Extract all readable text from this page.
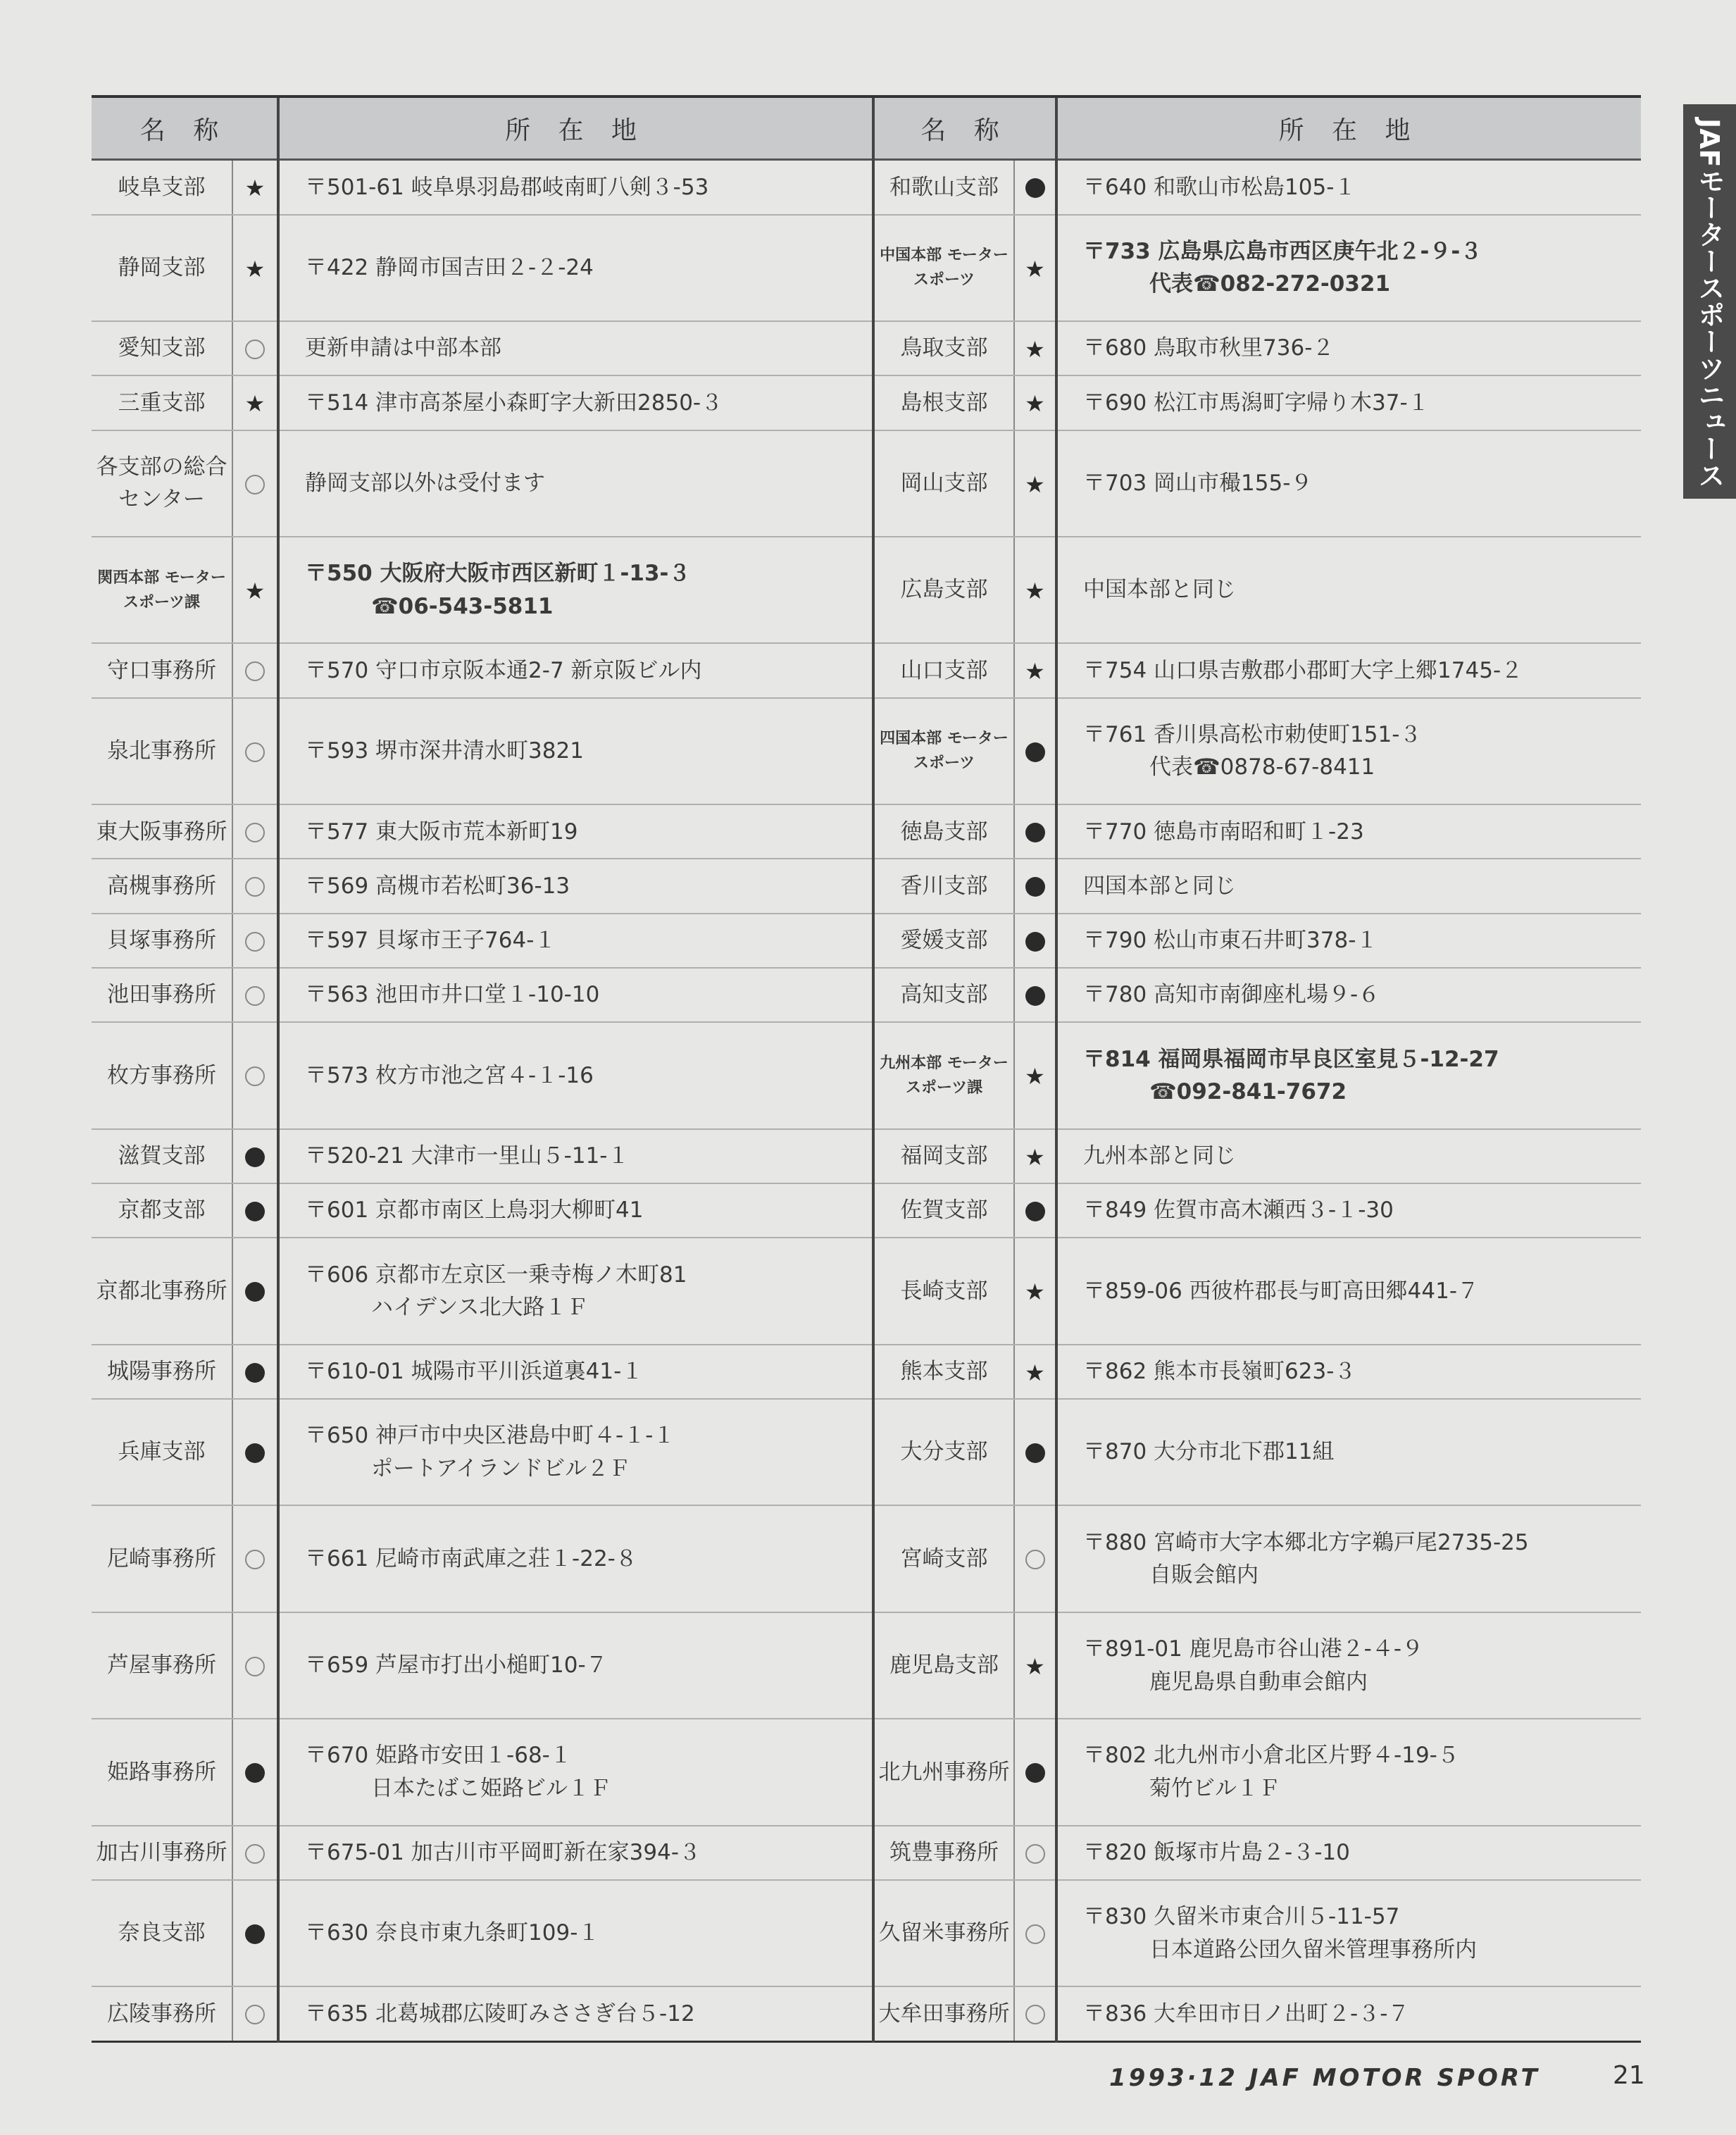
名 称		所 在 地	名 称		所 在 地
岐阜支部	★	〒501-61 岐阜県羽島郡岐南町八剣３-53	和歌山支部		〒640 和歌山市松島105-１

静岡支部	★	〒422 静岡市国吉田２-２-24	中国本部 モータースポーツ	★	〒733 広島県広島市西区庚午北２-９-３
代表☎082-272-0321

愛知支部		更新申請は中部本部	鳥取支部	★	〒680 鳥取市秋里736-２

三重支部	★	〒514 津市高茶屋小森町字大新田2850-３	島根支部	★	〒690 松江市馬潟町字帰り木37-１

各支部の総合センター		静岡支部以外は受付ます	岡山支部	★	〒703 岡山市穝155-９

関西本部 モータースポーツ課	★	〒550 大阪府大阪市西区新町１-13-３
☎06-543-5811	広島支部	★	中国本部と同じ

守口事務所		〒570 守口市京阪本通2-7 新京阪ビル内	山口支部	★	〒754 山口県吉敷郡小郡町大字上郷1745-２

泉北事務所		〒593 堺市深井清水町3821	四国本部 モータースポーツ		〒761 香川県高松市勅使町151-３
代表☎0878-67-8411

東大阪事務所		〒577 東大阪市荒本新町19	徳島支部		〒770 徳島市南昭和町１-23

高槻事務所		〒569 高槻市若松町36-13	香川支部		四国本部と同じ

貝塚事務所		〒597 貝塚市王子764-１	愛媛支部		〒790 松山市東石井町378-１

池田事務所		〒563 池田市井口堂１-10-10	高知支部		〒780 高知市南御座札場９-６

枚方事務所		〒573 枚方市池之宮４-１-16	九州本部 モータースポーツ課	★	〒814 福岡県福岡市早良区室見５-12-27
☎092-841-7672

滋賀支部		〒520-21 大津市一里山５-11-１	福岡支部	★	九州本部と同じ

京都支部		〒601 京都市南区上鳥羽大柳町41	佐賀支部		〒849 佐賀市高木瀬西３-１-30

京都北事務所		〒606 京都市左京区一乗寺梅ノ木町81
ハイデンス北大路１Ｆ	長崎支部	★	〒859-06 西彼杵郡長与町高田郷441-７

城陽事務所		〒610-01 城陽市平川浜道裏41-１	熊本支部	★	〒862 熊本市長嶺町623-３

兵庫支部		〒650 神戸市中央区港島中町４-１-１
ポートアイランドビル２Ｆ	大分支部		〒870 大分市北下郡11組

尼崎事務所		〒661 尼崎市南武庫之荘１-22-８	宮崎支部		〒880 宮崎市大字本郷北方字鵜戸尾2735-25
自販会館内

芦屋事務所		〒659 芦屋市打出小槌町10-７	鹿児島支部	★	〒891-01 鹿児島市谷山港２-４-９
鹿児島県自動車会館内

姫路事務所		〒670 姫路市安田１-68-１
日本たばこ姫路ビル１Ｆ	北九州事務所		〒802 北九州市小倉北区片野４-19-５
菊竹ビル１Ｆ

加古川事務所		〒675-01 加古川市平岡町新在家394-３	筑豊事務所		〒820 飯塚市片島２-３-10

奈良支部		〒630 奈良市東九条町109-１	久留米事務所		〒830 久留米市東合川５-11-57
日本道路公団久留米管理事務所内

広陵事務所		〒635 北葛城郡広陵町みささぎ台５-12	大牟田事務所		〒836 大牟田市日ノ出町２-３-７
JAFモータースポーツニュース
1993·12 JAF MOTOR SPORT	21
